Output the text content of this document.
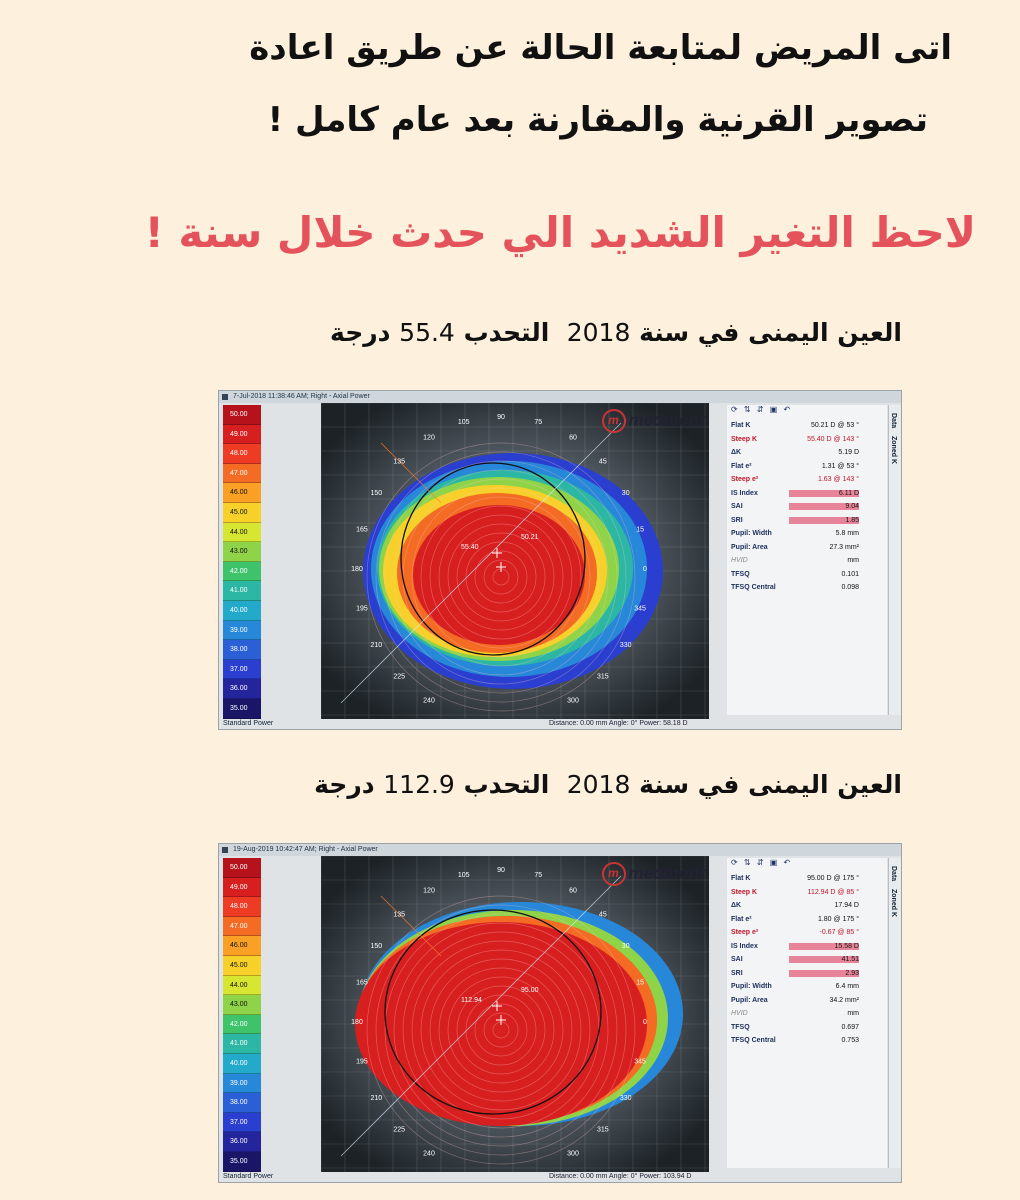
اتى المريض لمتابعة الحالة عن طريق اعادة
تصوير القرنية والمقارنة بعد عام كامل !
لاحظ التغير الشديد الي حدث خلال سنة !
العين اليمنى في سنة 2018  التحدب 55.4 درجة
7-Jul-2018 11:38:46 AM; Right - Axial Power
50.00
49.00
48.00
47.00
46.00
45.00
44.00
43.00
42.00
41.00
40.00
39.00
38.00
37.00
36.00
35.00
Standard Power
90
105	75
120	60
135	45
150	30
165	15
180	0
195	345
210	330
225	315
240	300
55.40
50.21
m medmont
⟳ ⇅ ⇵ ▣ ↶
Flat K	50.21 D @ 53 °
Steep K	55.40 D @ 143 °
ΔK	5.19 D
Flat e²	1.31 @ 53 °
Steep e²	1.63 @ 143 °
IS Index	6.11 D
SAI	9.04
SRI	1.85
Pupil: Width	5.8 mm
Pupil: Area	27.3 mm²
HVID	mm
TFSQ	0.101
TFSQ Central	0.098
Data
Zoned K
Distance: 0.00 mm Angle: 0° Power: 58.18 D
العين اليمنى في سنة 2018  التحدب 112.9 درجة
19-Aug-2019 10:42:47 AM; Right - Axial Power
50.00
49.00
48.00
47.00
46.00
45.00
44.00
43.00
42.00
41.00
40.00
39.00
38.00
37.00
36.00
35.00
Standard Power
90
105	75
120	60
135	45
150	30
165	15
180	0
195	345
210	330
225	315
240	300
112.94
95.00
m medmont
⟳ ⇅ ⇵ ▣ ↶
Flat K	95.00 D @ 175 °
Steep K	112.94 D @ 85 °
ΔK	17.94 D
Flat e²	1.80 @ 175 °
Steep e²	-0.67 @ 85 °
IS Index	15.58 D
SAI	41.51
SRI	2.93
Pupil: Width	6.4 mm
Pupil: Area	34.2 mm²
HVID	mm
TFSQ	0.697
TFSQ Central	0.753
Data
Zoned K
Distance: 0.00 mm Angle: 0° Power: 103.94 D
